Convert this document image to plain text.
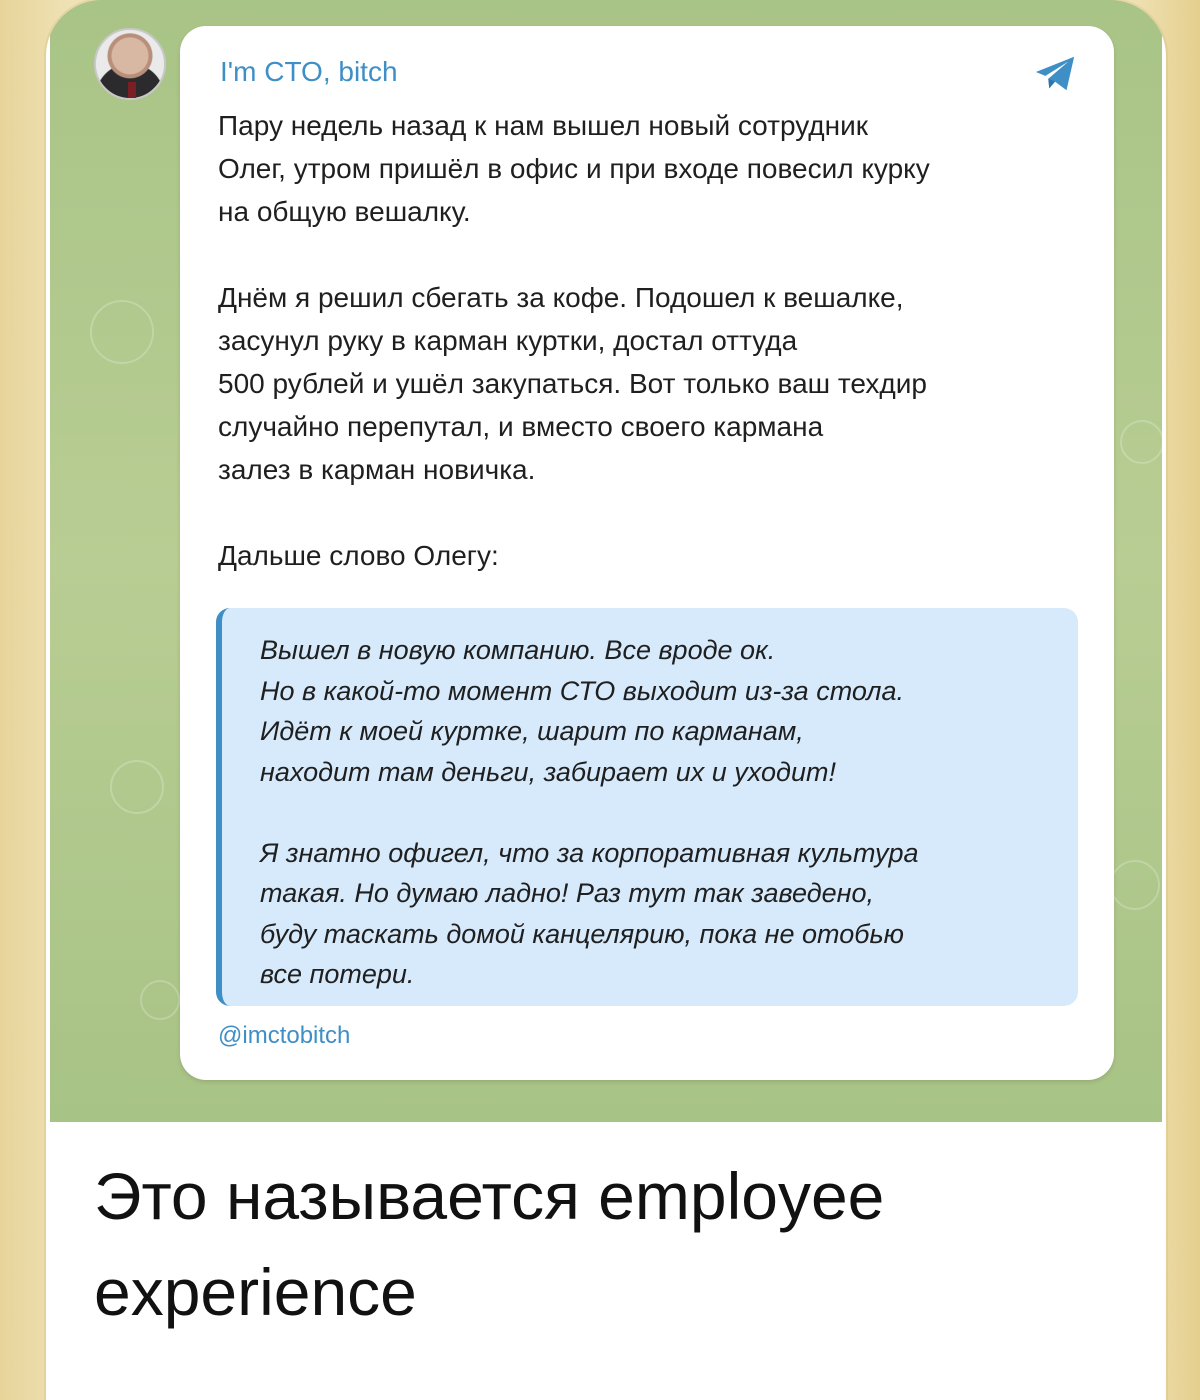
I'm CTO, bitch
Пару недель назад к нам вышел новый сотрудник
Олег, утром пришёл в офис и при входе повесил курку
на общую вешалку.

Днём я решил сбегать за кофе. Подошел к вешалке,
засунул руку в карман куртки, достал оттуда
500 рублей и ушёл закупаться. Вот только ваш техдир
случайно перепутал, и вместо своего кармана
залез в карман новичка.

Дальше слово Олегу:
Вышел в новую компанию. Все вроде ок.
Но в какой-то момент СТО выходит из-за стола.
Идёт к моей куртке, шарит по карманам,
находит там деньги, забирает их и уходит!

Я знатно офигел, что за корпоративная культура
такая. Но думаю ладно! Раз тут так заведено,
буду таскать домой канцелярию, пока не отобью
все потери.
@imctobitch
Это называется employee experience
